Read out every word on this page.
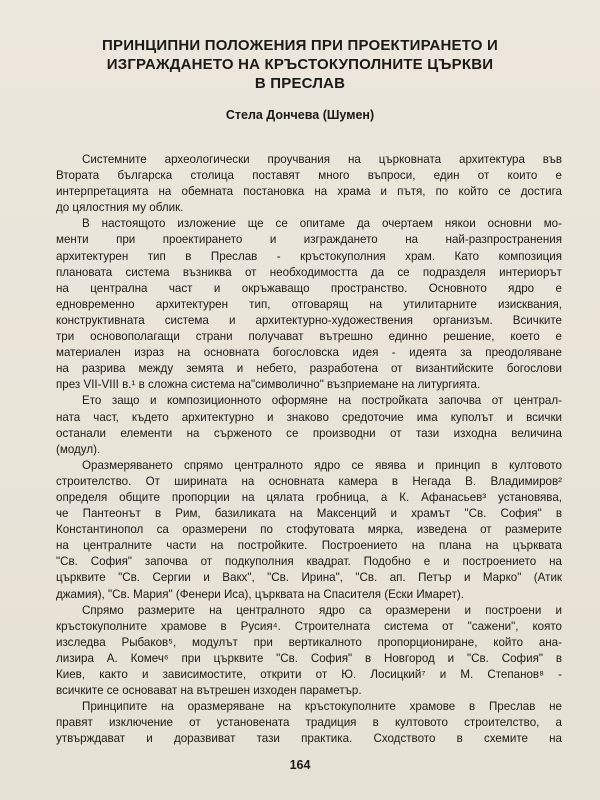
ПРИНЦИПНИ ПОЛОЖЕНИЯ ПРИ ПРОЕКТИРАНЕТО И
ИЗГРАЖДАНЕТО НА КРЪСТОКУПОЛНИТЕ ЦЪРКВИ
В ПРЕСЛАВ
Стела Дончева (Шумен)
Системните археологически проучвания на църковната архитектура във
Втората българска столица поставят много въпроси, един от които е
интерпретацията на обемната постановка на храма и пътя, по който се достига
до цялостния му облик.
В настоящото изложение ще се опитаме да очертаем някои основни мо-
менти при проектирането и изграждането на най-разпространения
архитектурен тип в Преслав - кръстокуполния храм. Като композиция
плановата система възниква от необходимостта да се подразделя интериорът
на централна част и окръжаващо пространство. Основното ядро е
едновременно архитектурен тип, отговарящ на утилитарните изисквания,
конструктивната система и архитектурно-художествения организъм. Всичките
три основополагащи страни получават вътрешно единно решение, което е
материален израз на основната богословска идея - идеята за преодоляване
на разрива между земята и небето, разработена от византийските богослови
през VII-VIII в.¹ в сложна система на"символично" възприемане на литургията.
Ето защо и композиционното оформяне на постройката започва от централ-
ната част, където архитектурно и знаково средоточие има куполът и всички
останали елементи на сърженото се производни от тази изходна величина
(модул).
Оразмеряването спрямо централното ядро се явява и принцип в култовото
строителство. От ширината на основната камера в Негада В. Владимиров²
определя общите пропорции на цялата гробница, а К. Афанасьев³ установява,
че Пантеонът в Рим, базиликата на Максенций и храмът "Св. София" в
Константинопол са оразмерени по стофутовата мярка, изведена от размерите
на централните части на постройките. Построението на плана на църквата
"Св. София" започва от подкуполния квадрат. Подобно е и построението на
църквите "Св. Сергии и Вакх", "Св. Ирина", "Св. ап. Петър и Марко" (Атик
джамия), "Св. Мария" (Фенери Иса), църквата на Спасителя (Ески Имарет).
Спрямо размерите на централното ядро са оразмерени и построени и
кръстокуполните храмове в Русия⁴. Строителната система от "сажени", която
изследва Рыбаков⁵, модулът при вертикалното пропорциониране, който ана-
лизира А. Комеч⁶ при църквите "Св. София" в Новгород и "Св. София" в
Киев, както и зависимостите, открити от Ю. Лосицкий⁷ и М. Степанов⁸ -
всичките се основават на вътрешен изходен параметър.
Принципите на оразмеряване на кръстокуполните храмове в Преслав не
правят изключение от установената традиция в култовото строителство, а
утвърждават и доразвиват тази практика. Сходството в схемите на
164
